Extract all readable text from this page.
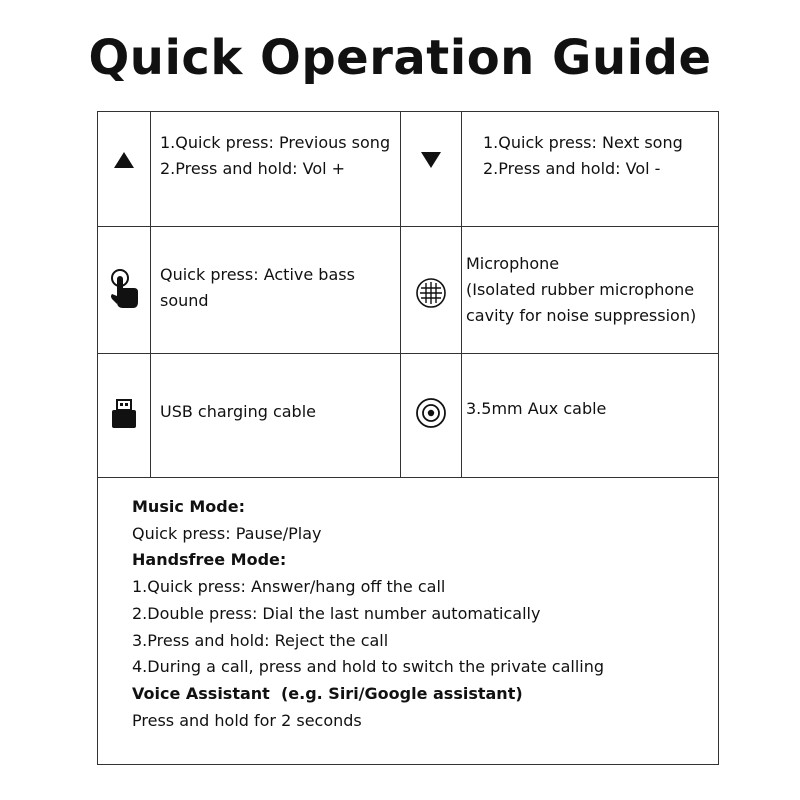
Quick Operation Guide
1.Quick press: Previous song
2.Press and hold: Vol +
1.Quick press: Next song
2.Press and hold: Vol -
Quick press: Active bass
sound
Microphone
(Isolated rubber microphone
cavity for noise suppression)
USB charging cable	3.5mm Aux cable
Music Mode:
Quick press: Pause/Play
Handsfree Mode:
1.Quick press: Answer/hang off the call
2.Double press: Dial the last number automatically
3.Press and hold: Reject the call
4.During a call, press and hold to switch the private calling
Voice Assistant  (e.g. Siri/Google assistant)
Press and hold for 2 seconds
